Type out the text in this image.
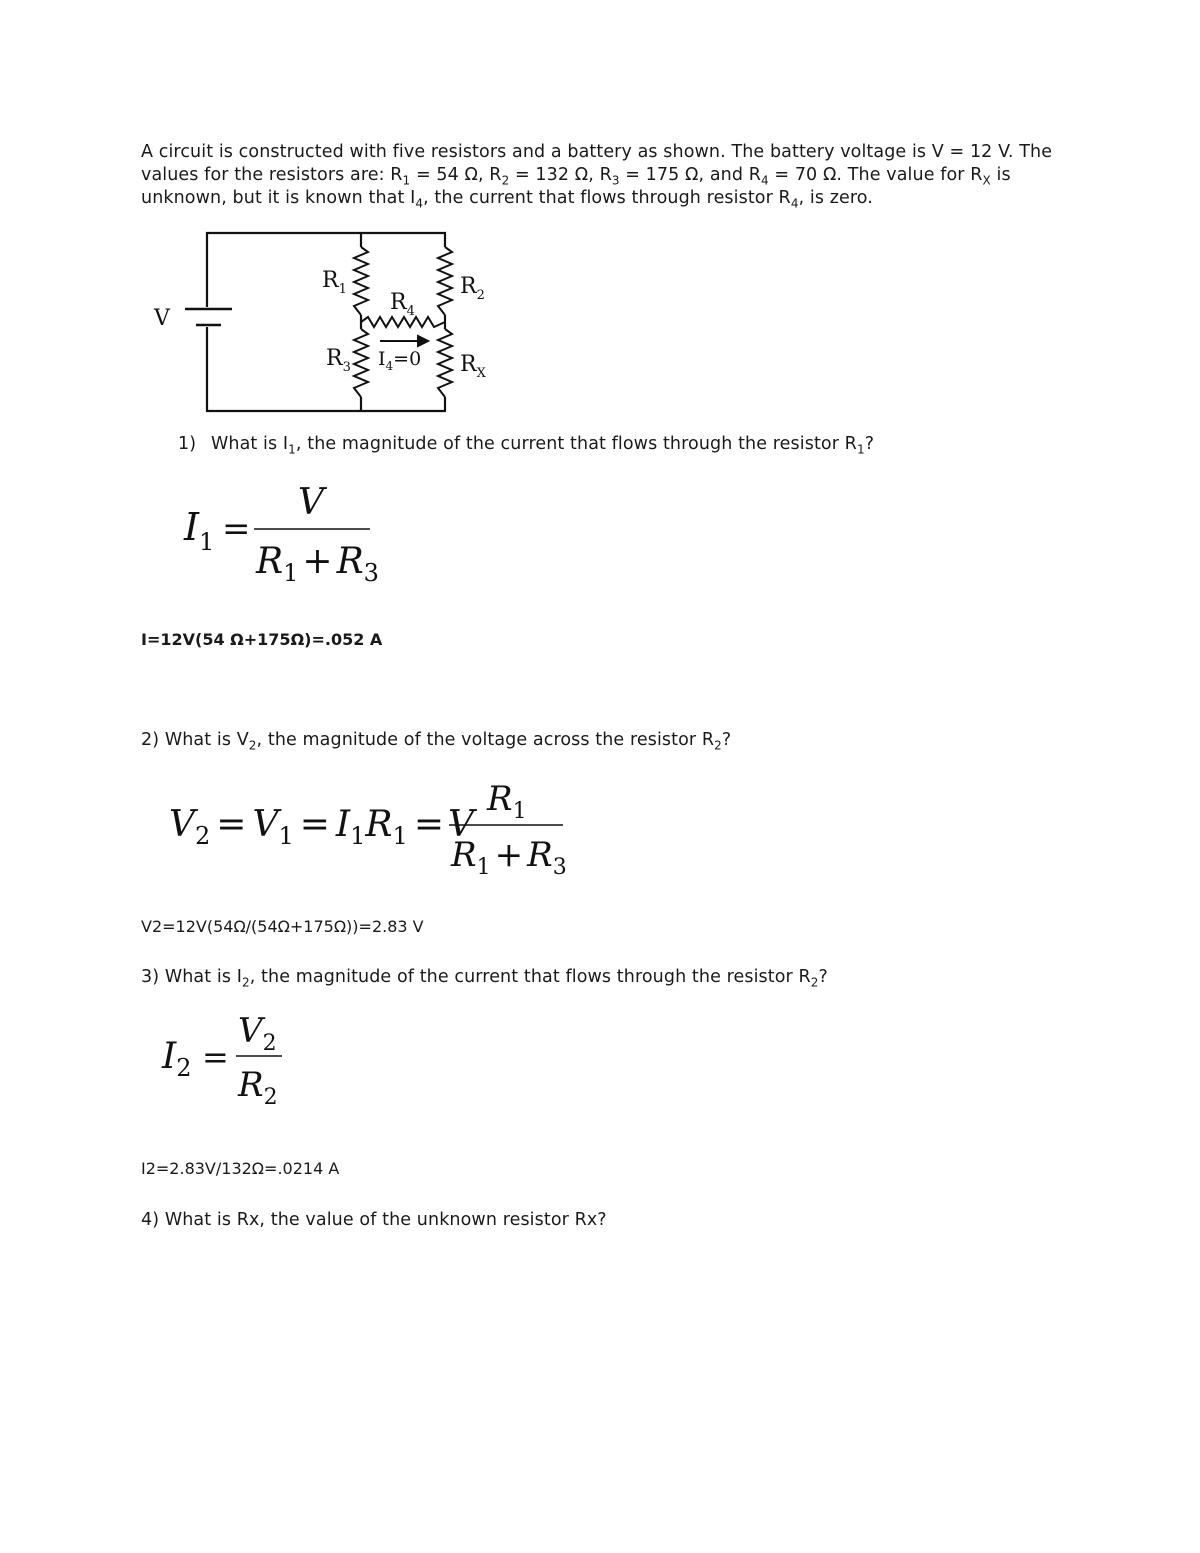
A circuit is constructed with five resistors and a battery as shown. The battery voltage is V = 12 V. The
values for the resistors are: $R_1 = 54$ Ω, $R_2 = 132$ Ω, $R_3 = 175$ Ω, and $R_4 = 70$ Ω. The value for $R_X$ is
unknown, but it is known that $I_4$, the current that flows through resistor $R_4$, is zero.
V
$R_1$
$R_4$
$R_2$
$R_3$ $I_4=0$ $R_X$
1) What is $I_1$, the magnitude of the current that flows through the resistor $R_1$?
$I_1$ =
V
$R_1 + R_3$
I=12V(54 Ω+175Ω)=.052 A
2) What is $V_2$, the magnitude of the voltage across the resistor $R_2$?
$V_2 = V_1 = I_1R_1 = V$
$R_1$
$R_1 + R_3$
V2=12V(54Ω/(54Ω+175Ω))=2.83 V
3) What is $I_2$, the magnitude of the current that flows through the resistor $R_2$?
$I_2$ =
$V_2$
$R_2$
I2=2.83V/132Ω=.0214 A
4) What is Rx, the value of the unknown resistor Rx?
